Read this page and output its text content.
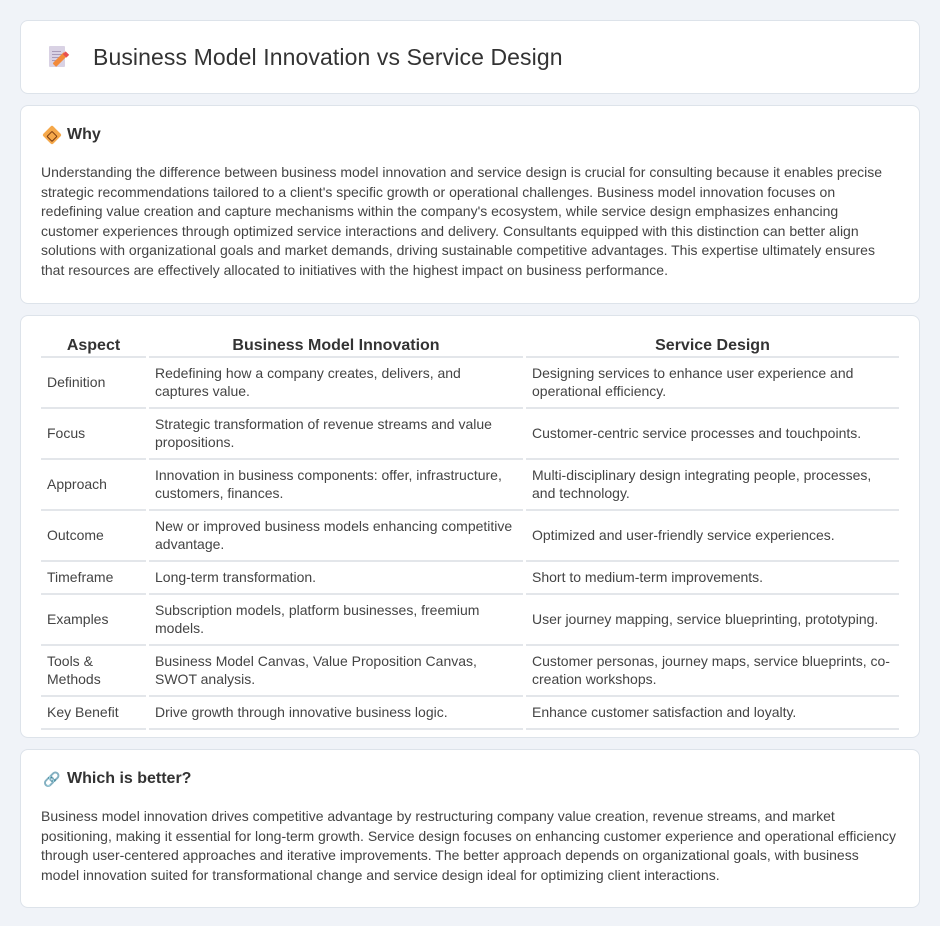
Business Model Innovation vs Service Design
Why

Understanding the difference between business model innovation and service design is crucial for consulting because it enables precise strategic recommendations tailored to a client's specific growth or operational challenges. Business model innovation focuses on redefining value creation and capture mechanisms within the company's ecosystem, while service design emphasizes enhancing customer experiences through optimized service interactions and delivery. Consultants equipped with this distinction can better align solutions with organizational goals and market demands, driving sustainable competitive advantages. This expertise ultimately ensures that resources are effectively allocated to initiatives with the highest impact on business performance.

Aspect	Business Model Innovation	Service Design
Definition	Redefining how a company creates, delivers, and captures value.	Designing services to enhance user experience and operational efficiency.
Focus	Strategic transformation of revenue streams and value propositions.	Customer-centric service processes and touchpoints.
Approach	Innovation in business components: offer, infrastructure, customers, finances.	Multi-disciplinary design integrating people, processes, and technology.
Outcome	New or improved business models enhancing competitive advantage.	Optimized and user-friendly service experiences.
Timeframe	Long-term transformation.	Short to medium-term improvements.
Examples	Subscription models, platform businesses, freemium models.	User journey mapping, service blueprinting, prototyping.
Tools & Methods	Business Model Canvas, Value Proposition Canvas, SWOT analysis.	Customer personas, journey maps, service blueprints, co-creation workshops.
Key Benefit	Drive growth through innovative business logic.	Enhance customer satisfaction and loyalty.
🔗 Which is better?

Business model innovation drives competitive advantage by restructuring company value creation, revenue streams, and market positioning, making it essential for long-term growth. Service design focuses on enhancing customer experience and operational efficiency through user-centered approaches and iterative improvements. The better approach depends on organizational goals, with business model innovation suited for transformational change and service design ideal for optimizing client interactions.
